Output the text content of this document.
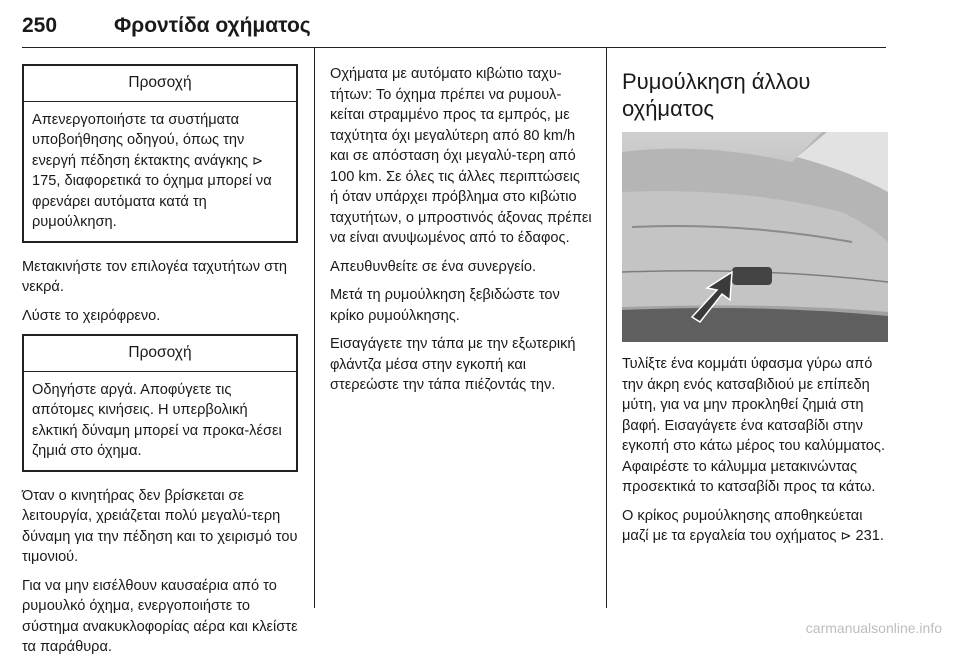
250	Φροντίδα οχήματος
Προσοχή
Απενεργοποιήστε τα συστήματα υποβοήθησης οδηγού, όπως την ενεργή πέδηση έκτακτης ανάγκης ⊳ 175, διαφορετικά το όχημα μπορεί να φρενάρει αυτόματα κατά τη ρυμούλκηση.

Μετακινήστε τον επιλογέα ταχυτήτων στη νεκρά.

Λύστε το χειρόφρενο.

Προσοχή
Οδηγήστε αργά. Αποφύγετε τις απότομες κινήσεις. Η υπερβολική ελκτική δύναμη μπορεί να προκα-λέσει ζημιά στο όχημα.

Όταν ο κινητήρας δεν βρίσκεται σε λειτουργία, χρειάζεται πολύ μεγαλύ-τερη δύναμη για την πέδηση και το χειρισμό του τιμονιού.

Για να μην εισέλθουν καυσαέρια από το ρυμουλκό όχημα, ενεργοποιήστε το σύστημα ανακυκλοφορίας αέρα και κλείστε τα παράθυρα.

Οχήματα με αυτόματο κιβώτιο ταχυ-τήτων: Το όχημα πρέπει να ρυμουλ-κείται στραμμένο προς τα εμπρός, με ταχύτητα όχι μεγαλύτερη από 80 km/h και σε απόσταση όχι μεγαλύ-τερη από 100 km. Σε όλες τις άλλες περιπτώσεις ή όταν υπάρχει πρόβλημα στο κιβώτιο ταχυτήτων, ο μπροστινός άξονας πρέπει να είναι ανυψωμένος από το έδαφος.

Απευθυνθείτε σε ένα συνεργείο.

Μετά τη ρυμούλκηση ξεβιδώστε τον κρίκο ρυμούλκησης.

Εισαγάγετε την τάπα με την εξωτερική φλάντζα μέσα στην εγκοπή και στερεώστε την τάπα πιέζοντάς την.

Ρυμούλκηση άλλου οχήματος

Τυλίξτε ένα κομμάτι ύφασμα γύρω από την άκρη ενός κατσαβιδιού με επίπεδη μύτη, για να μην προκληθεί ζημιά στη βαφή. Εισαγάγετε ένα κατσαβίδι στην εγκοπή στο κάτω μέρος του καλύμματος. Αφαιρέστε το κάλυμμα μετακινώντας προσεκτικά το κατσαβίδι προς τα κάτω.

Ο κρίκος ρυμούλκησης αποθηκεύεται μαζί με τα εργαλεία του οχήματος ⊳ 231.

carmanualsonline.info
